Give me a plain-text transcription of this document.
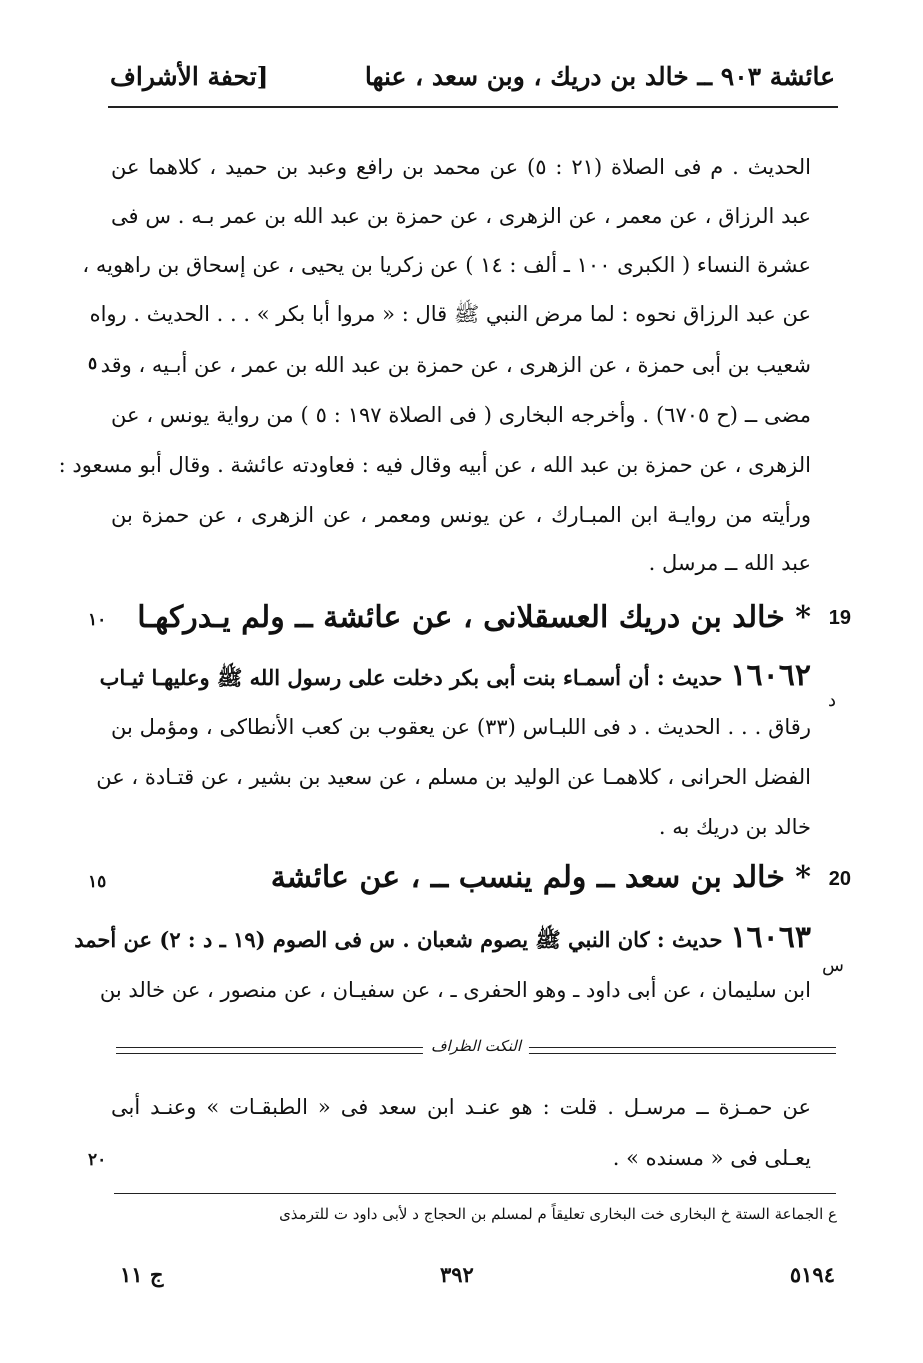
عائشة ٩٠٣ ــ خالد بن دريك ، وبن سعد ، عنها
[تحفة الأشراف
الحديث . م فى الصلاة (٢١ : ٥) عن محمد بن رافع وعبد بن حميد ، كلاهما عن
عبد الرزاق ، عن معمر ، عن الزهرى ، عن حمزة بن عبد الله بن عمر بـه . س فى
عشرة النساء ( الكبرى ١٠٠ ـ ألف : ١٤ ) عن زكريا بن يحيى ، عن إسحاق بن راهويه ،
عن عبد الرزاق نحوه : لما مرض النبي ﷺ قال : « مروا أبا بكر » . . . الحديث . رواه
شعيب بن أبى حمزة ، عن الزهرى ، عن حمزة بن عبد الله بن عمر ، عن أبـيه ، وقد
مضى ــ (ح ٦٧٠٥) . وأخرجه البخارى ( فى الصلاة ١٩٧ : ٥ ) من رواية يونس ، عن
الزهرى ، عن حمزة بن عبد الله ، عن أبيه وقال فيه : فعاودته عائشة . وقال أبو مسعود :
ورأيته من روايـة ابن المبـارك ، عن يونس ومعمر ، عن الزهرى ، عن حمزة بن
عبد الله ــ مرسل .
٥
19
* خالد بن دريك العسقلانى ، عن عائشة ــ ولم يـدركهـا
١٠
١٦٠٦٢حديث : أن أسمـاء بنت أبى بكر دخلت على رسول الله ﷺ وعليهـا ثيـاب
د
رقاق . . . الحديث . د فى اللبـاس (٣٣) عن يعقوب بن كعب الأنطاكى ، ومؤمل بن
الفضل الحرانى ، كلاهمـا عن الوليد بن مسلم ، عن سعيد بن بشير ، عن قتـادة ، عن
خالد بن دريك به .
20
* خالد بن سعد ــ ولم ينسب ــ ، عن عائشة
١٥
١٦٠٦٣حديث : كان النبي ﷺ يصوم شعبان . س فى الصوم (١٩ ـ د : ٢) عن أحمد
س
ابن سليمان ، عن أبى داود ـ وهو الحفرى ـ ، عن سفيـان ، عن منصور ، عن خالد بن
النكت الظراف
عن حمـزة ــ مرسـل . قلت : هو عنـد ابن سعد فى « الطبقـات » وعنـد أبى
يعـلى فى « مسنده » .
٢٠
ع الجماعة الستة خ البخارى خت البخارى تعليقاً م لمسلم بن الحجاج د لأبى داود ت للترمذى
ج ١١	٣٩٢	٥١٩٤
